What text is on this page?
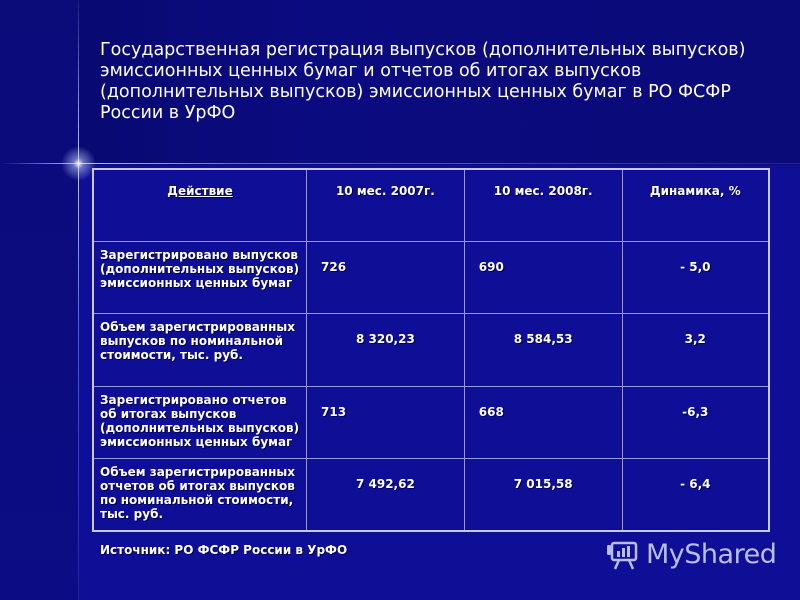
Государственная регистрация выпусков (дополнительных выпусков) эмиссионных ценных бумаг и отчетов об итогах выпусков (дополнительных выпусков) эмиссионных ценных бумаг в РО ФСФР России в УрФО
Действие	10 мес. 2007г.	10 мес. 2008г.	Динамика, %
Зарегистрировано выпусков (дополнительных выпусков) эмиссионных ценных бумаг	726	690	- 5,0
Объем зарегистрированных выпусков по номинальной стоимости, тыс. руб.	8 320,23	8 584,53	3,2
Зарегистрировано отчетов об итогах выпусков (дополнительных выпусков) эмиссионных ценных бумаг	713	668	-6,3
Объем зарегистрированных отчетов об итогах выпусков по номинальной стоимости, тыс. руб.	7 492,62	7 015,58	- 6,4
Источник: РО ФСФР России в УрФО	MyShared
